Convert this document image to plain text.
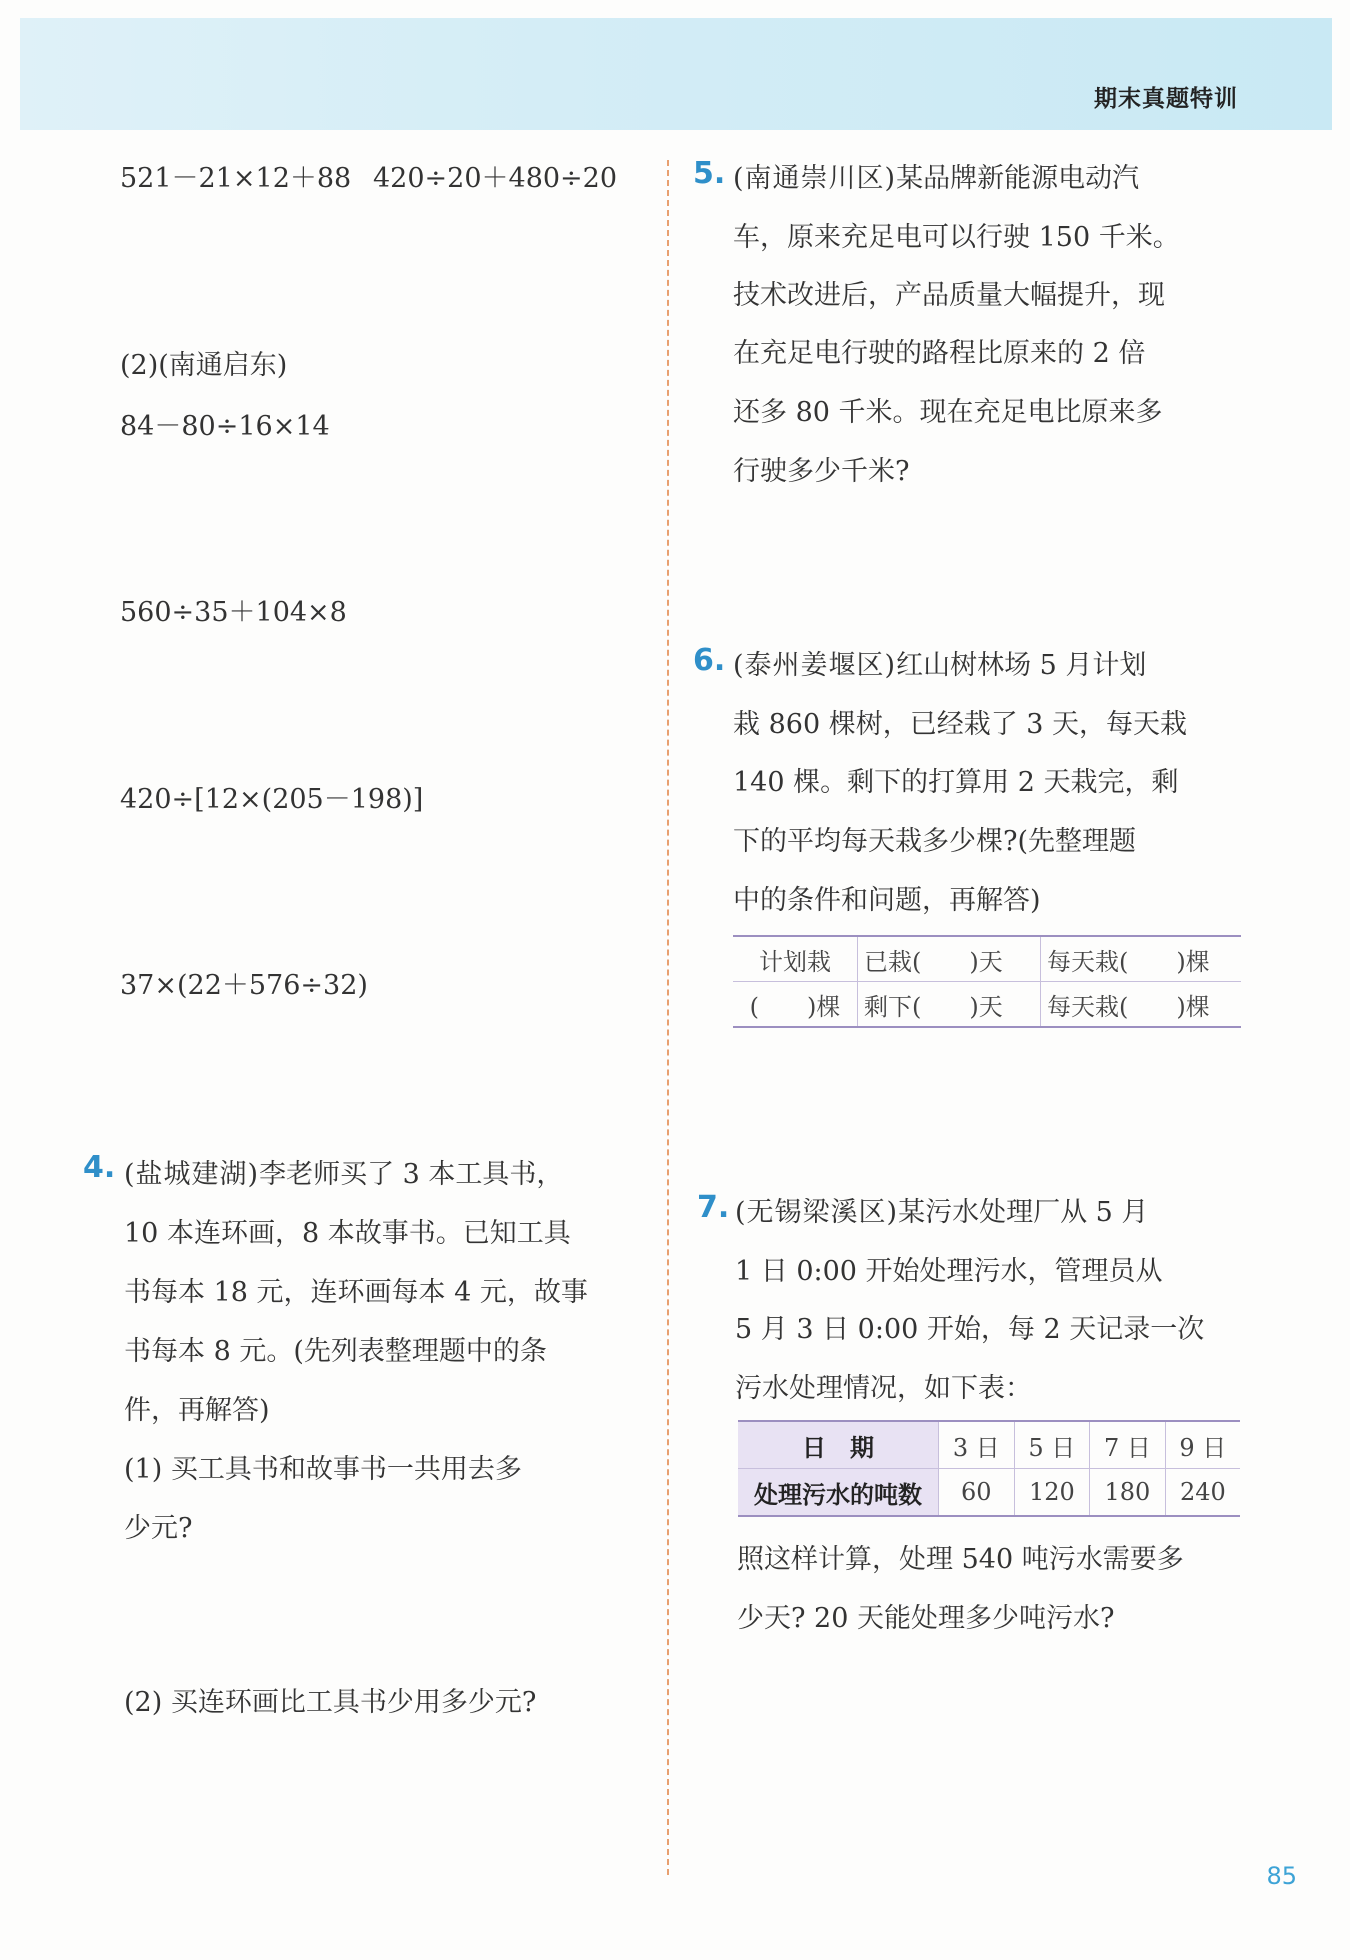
期末真题特训
521－21×12＋88 420÷20＋480÷20
(2)(南通启东)
84－80÷16×14
560÷35＋104×8
420÷[12×(205－198)]
37×(22＋576÷32)
4. (盐城建湖)李老师买了 3 本工具书，
10 本连环画，8 本故事书。已知工具
书每本 18 元，连环画每本 4 元，故事
书每本 8 元。(先列表整理题中的条
件，再解答)
(1) 买工具书和故事书一共用去多
少元?
(2) 买连环画比工具书少用多少元?
5. (南通崇川区)某品牌新能源电动汽
车，原来充足电可以行驶 150 千米。
技术改进后，产品质量大幅提升，现
在充足电行驶的路程比原来的 2 倍
还多 80 千米。现在充足电比原来多
行驶多少千米?
6. (泰州姜堰区)红山树林场 5 月计划
栽 860 棵树，已经栽了 3 天，每天栽
140 棵。剩下的打算用 2 天栽完，剩
下的平均每天栽多少棵?(先整理题
中的条件和问题，再解答)
计划栽	已栽(　　)天	每天栽(　　)棵
(　　)棵	剩下(　　)天	每天栽(　　)棵
7. (无锡梁溪区)某污水处理厂从 5 月
1 日 0:00 开始处理污水，管理员从
5 月 3 日 0:00 开始，每 2 天记录一次
污水处理情况，如下表：
日　期	3 日	5 日	7 日	9 日
处理污水的吨数	60	120	180	240
照这样计算，处理 540 吨污水需要多
少天? 20 天能处理多少吨污水?
85
